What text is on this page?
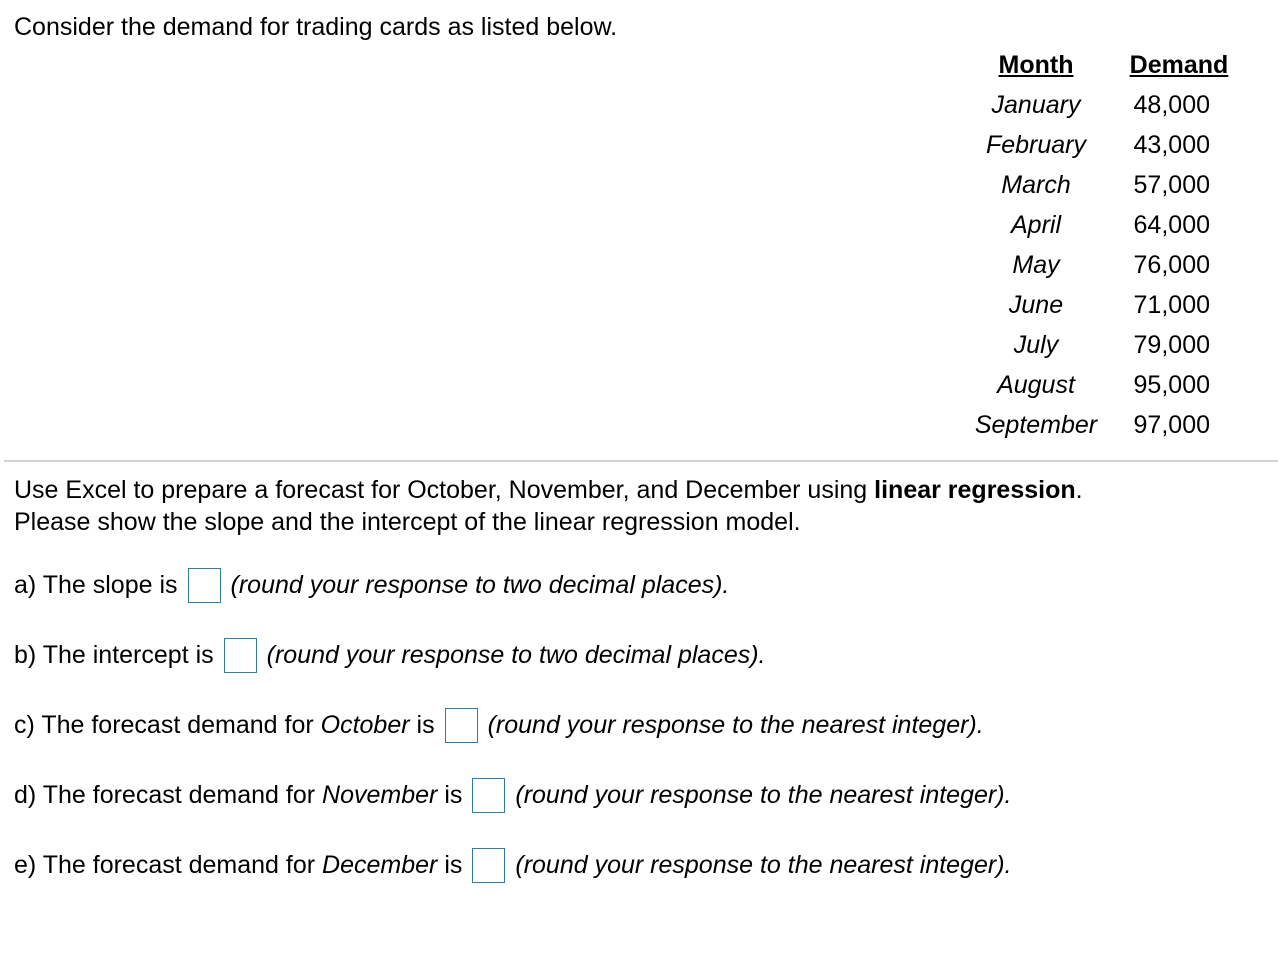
Consider the demand for trading cards as listed below.
Month	Demand
January	48,000
February	43,000
March	57,000
April	64,000
May	76,000
June	71,000
July	79,000
August	95,000
September	97,000
Use Excel to prepare a forecast for October, November, and December using linear regression.
Please show the slope and the intercept of the linear regression model.
a) The slope is (round your response to two decimal places).
b) The intercept is (round your response to two decimal places).
c) The forecast demand for October is (round your response to the nearest integer).
d) The forecast demand for November is (round your response to the nearest integer).
e) The forecast demand for December is (round your response to the nearest integer).
